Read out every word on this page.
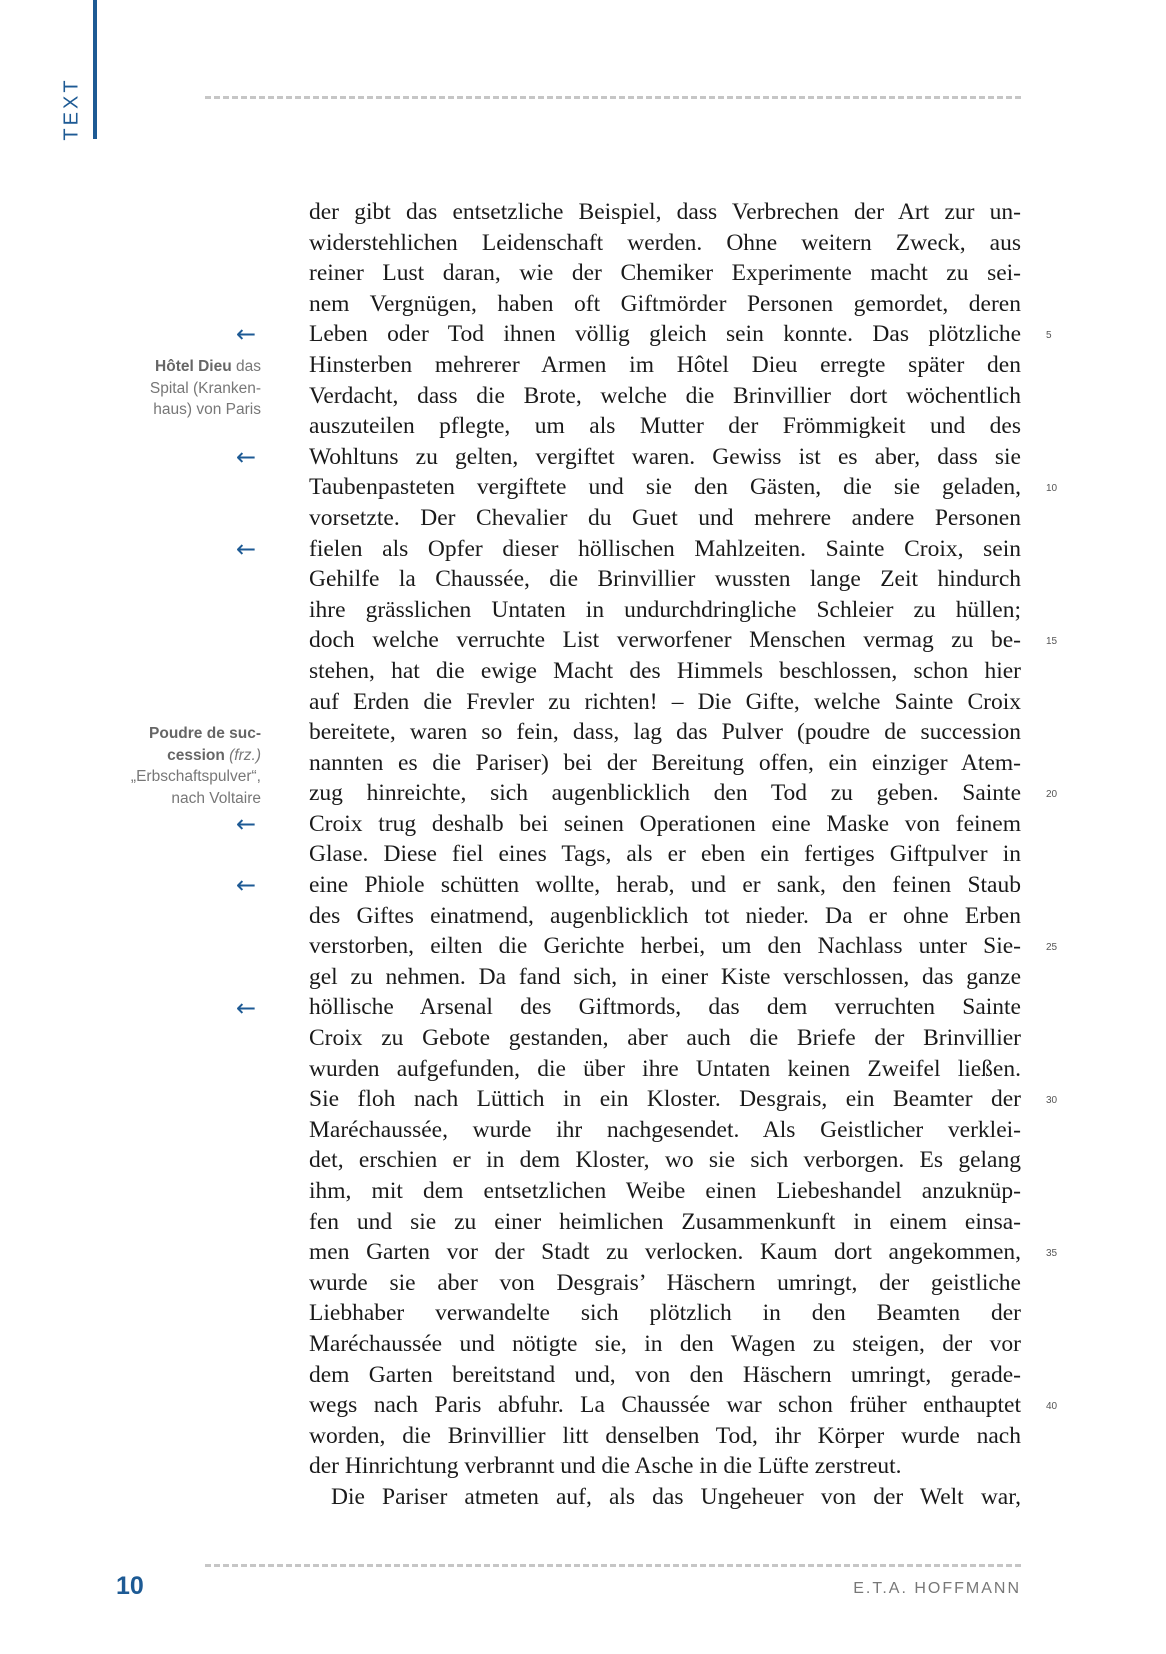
TEXT
der gibt das entsetzliche Beispiel, dass Verbrechen der Art zur un-
widerstehlichen Leidenschaft werden. Ohne weitern Zweck, aus
reiner Lust daran, wie der Chemiker Experimente macht zu sei-
nem Vergnügen, haben oft Giftmörder Personen gemordet, deren
Leben oder Tod ihnen völlig gleich sein konnte. Das plötzliche
Hinsterben mehrerer Armen im Hôtel Dieu erregte später den
Verdacht, dass die Brote, welche die Brinvillier dort wöchentlich
auszuteilen pflegte, um als Mutter der Frömmigkeit und des
Wohltuns zu gelten, vergiftet waren. Gewiss ist es aber, dass sie
Taubenpasteten vergiftete und sie den Gästen, die sie geladen,
vorsetzte. Der Chevalier du Guet und mehrere andere Personen
fielen als Opfer dieser höllischen Mahlzeiten. Sainte Croix, sein
Gehilfe la Chaussée, die Brinvillier wussten lange Zeit hindurch
ihre grässlichen Untaten in undurchdringliche Schleier zu hüllen;
doch welche verruchte List verworfener Menschen vermag zu be-
stehen, hat die ewige Macht des Himmels beschlossen, schon hier
auf Erden die Frevler zu richten! – Die Gifte, welche Sainte Croix
bereitete, waren so fein, dass, lag das Pulver (poudre de succession
nannten es die Pariser) bei der Bereitung offen, ein einziger Atem-
zug hinreichte, sich augenblicklich den Tod zu geben. Sainte
Croix trug deshalb bei seinen Operationen eine Maske von feinem
Glase. Diese fiel eines Tags, als er eben ein fertiges Giftpulver in
eine Phiole schütten wollte, herab, und er sank, den feinen Staub
des Giftes einatmend, augenblicklich tot nieder. Da er ohne Erben
verstorben, eilten die Gerichte herbei, um den Nachlass unter Sie-
gel zu nehmen. Da fand sich, in einer Kiste verschlossen, das ganze
höllische Arsenal des Giftmords, das dem verruchten Sainte
Croix zu Gebote gestanden, aber auch die Briefe der Brinvillier
wurden aufgefunden, die über ihre Untaten keinen Zweifel ließen.
Sie floh nach Lüttich in ein Kloster. Desgrais, ein Beamter der
Maréchaussée, wurde ihr nachgesendet. Als Geistlicher verklei-
det, erschien er in dem Kloster, wo sie sich verborgen. Es gelang
ihm, mit dem entsetzlichen Weibe einen Liebeshandel anzuknüp-
fen und sie zu einer heimlichen Zusammenkunft in einem einsa-
men Garten vor der Stadt zu verlocken. Kaum dort angekommen,
wurde sie aber von Desgrais’ Häschern umringt, der geistliche
Liebhaber verwandelte sich plötzlich in den Beamten der
Maréchaussée und nötigte sie, in den Wagen zu steigen, der vor
dem Garten bereitstand und, von den Häschern umringt, gerade-
wegs nach Paris abfuhr. La Chaussée war schon früher enthauptet
worden, die Brinvillier litt denselben Tod, ihr Körper wurde nach
der Hinrichtung verbrannt und die Asche in die Lüfte zerstreut.
Die Pariser atmeten auf, als das Ungeheuer von der Welt war,
5
10
15
20
25
30
35
40
←
←
←
←
←
←
Hôtel Dieu das
Spital (Kranken-
haus) von Paris
Poudre de suc-
cession (frz.)
„Erbschaftspulver“,
nach Voltaire
10	E.T.A. HOFFMANN
